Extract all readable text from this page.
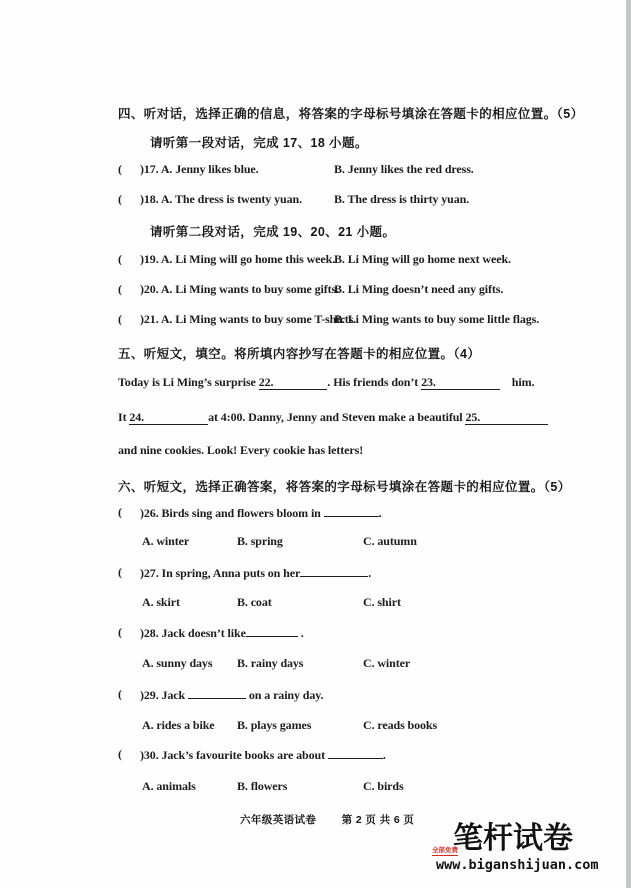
四、听对话，选择正确的信息，将答案的字母标号填涂在答题卡的相应位置。（5）
请听第一段对话，完成 17、18 小题。
( )17. A. Jenny likes blue.	B. Jenny likes the red dress.
( )18. A. The dress is twenty yuan.	B. The dress is thirty yuan.
请听第二段对话，完成 19、20、21 小题。
( )19. A. Li Ming will go home this week.
B. Li Ming will go home next week.
( )20. A. Li Ming wants to buy some gifts.
B. Li Ming doesn’t need any gifts.
( )21. A. Li Ming wants to buy some T-shirts.
B. Li Ming wants to buy some little flags.
五、听短文，填空。将所填内容抄写在答题卡的相应位置。（4）
Today is Li Ming’s surprise 22.	. His friends don’t 23.	him.
It 24.	at 4:00. Danny, Jenny and Steven make a beautiful 25.
and nine cookies. Look! Every cookie has letters!
六、听短文，选择正确答案，将答案的字母标号填涂在答题卡的相应位置。（5）
( )26. Birds sing and flowers bloom in	.
A. winter	B. spring	C. autumn
( )27. In spring, Anna puts on her	.
A. skirt	B. coat	C. shirt
( )28. Jack doesn’t like	.
A. sunny days B. rainy days	C. winter
( )29. Jack	on a rainy day.
A. rides a bike B. plays games	C. reads books
( )30. Jack’s favourite books are about	.
A. animals	B. flowers	C. birds
六年级英语试卷 第 2 页 共 6 页
笔杆试卷
全部免费
www.biganshijuan.com
